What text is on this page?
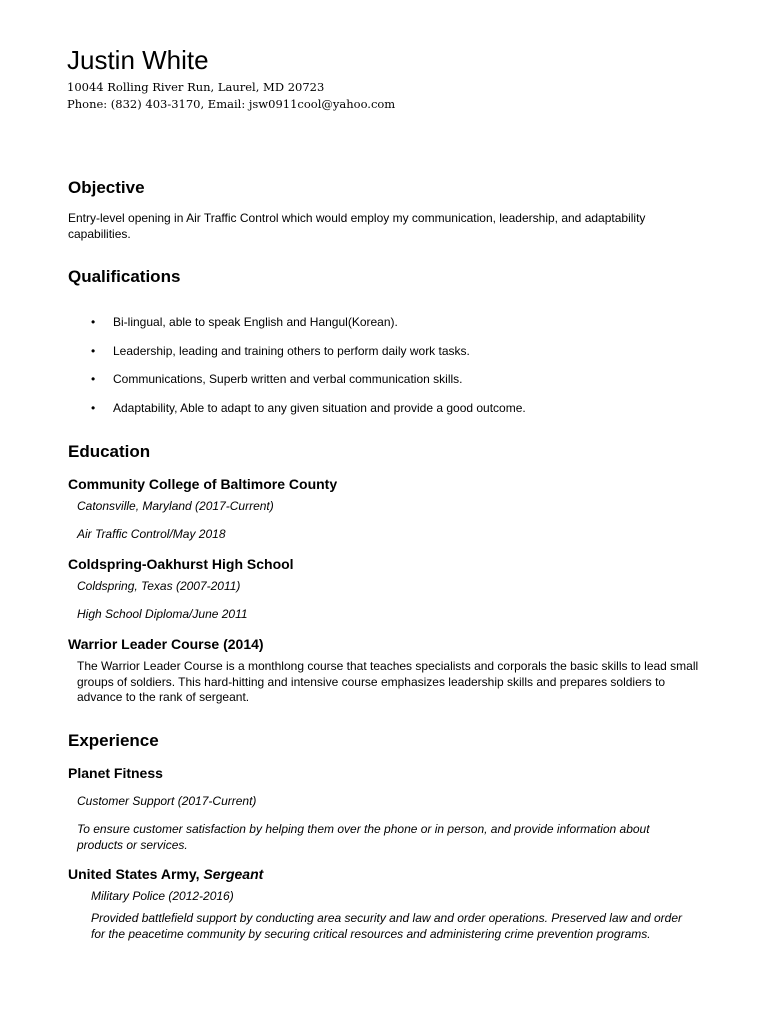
Justin White
10044 Rolling River Run, Laurel, MD 20723
Phone: (832) 403-3170, Email: jsw0911cool@yahoo.com
Objective
Entry-level opening in Air Traffic Control which would employ my communication, leadership, and adaptability capabilities.
Qualifications
• Bi-lingual, able to speak English and Hangul(Korean).
• Leadership, leading and training others to perform daily work tasks.
• Communications, Superb written and verbal communication skills.
• Adaptability, Able to adapt to any given situation and provide a good outcome.
Education
Community College of Baltimore County
Catonsville, Maryland (2017-Current)
Air Traffic Control/May 2018
Coldspring-Oakhurst High School
Coldspring, Texas (2007-2011)
High School Diploma/June 2011
Warrior Leader Course (2014)
The Warrior Leader Course is a monthlong course that teaches specialists and corporals the basic skills to lead small groups of soldiers. This hard-hitting and intensive course emphasizes leadership skills and prepares soldiers to advance to the rank of sergeant.
Experience
Planet Fitness
Customer Support (2017-Current)
To ensure customer satisfaction by helping them over the phone or in person, and provide information about products or services.
United States Army, Sergeant
Military Police (2012-2016)
Provided battlefield support by conducting area security and law and order operations. Preserved law and order for the peacetime community by securing critical resources and administering crime prevention programs.
